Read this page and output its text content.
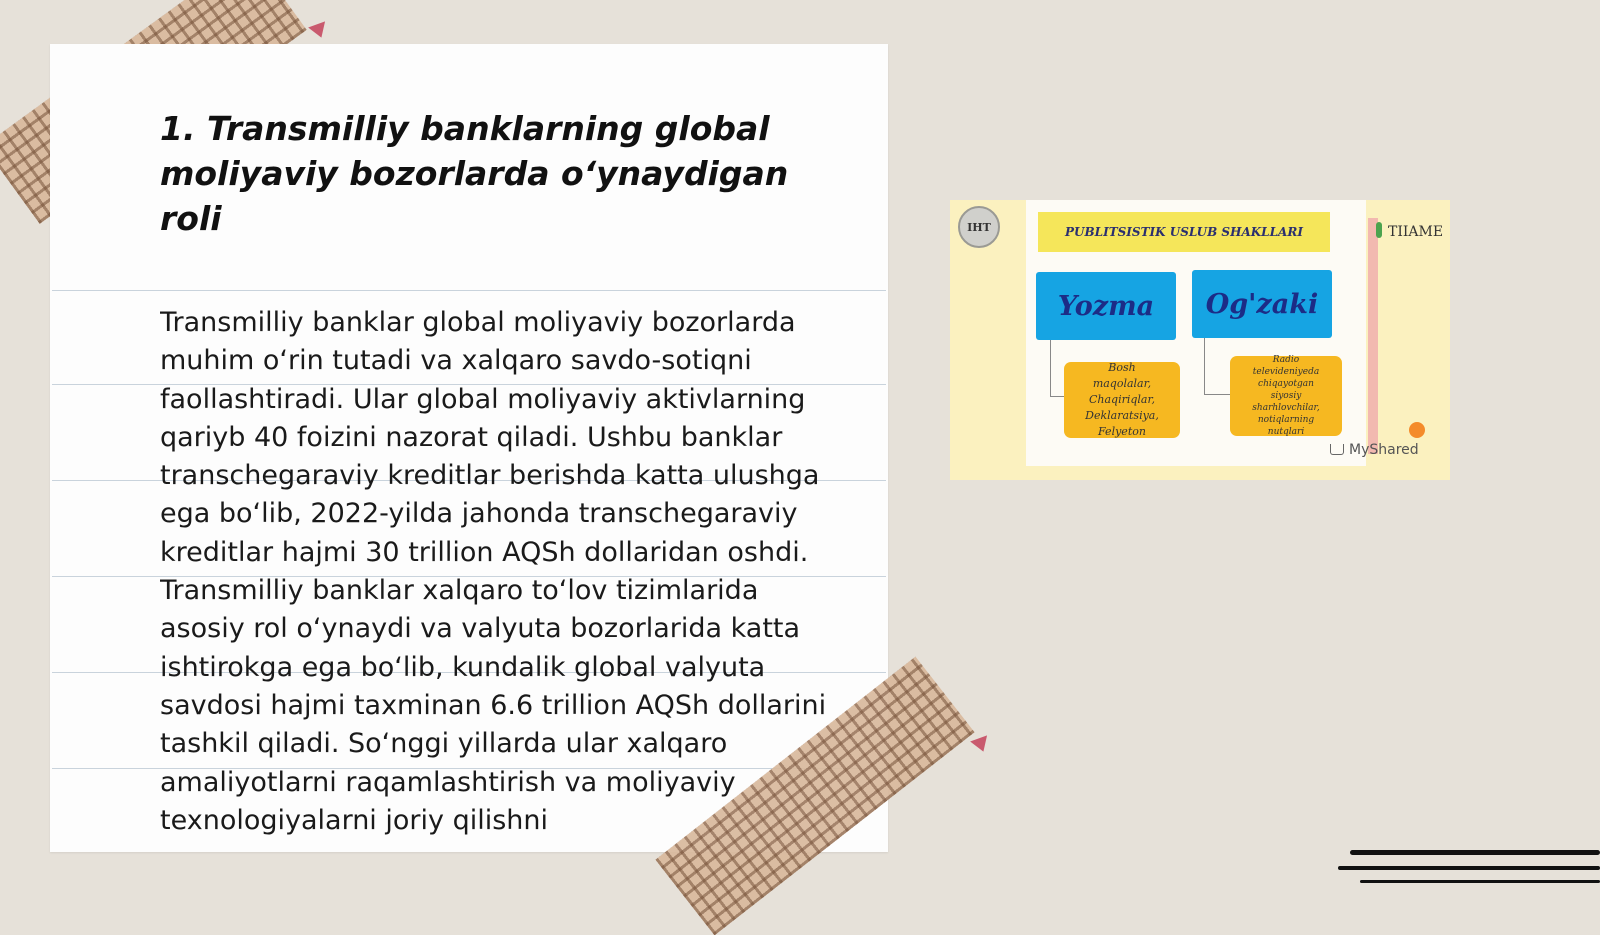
1. Transmilliy banklarning global moliyaviy bozorlarda o‘ynaydigan roli

Transmilliy banklar global moliyaviy bozorlarda muhim o‘rin tutadi va xalqaro savdo-sotiqni faollashtiradi. Ular global moliyaviy aktivlarning qariyb 40 foizini nazorat qiladi. Ushbu banklar transchegaraviy kreditlar berishda katta ulushga ega bo‘lib, 2022-yilda jahonda transchegaraviy kreditlar hajmi 30 trillion AQSh dollaridan oshdi. Transmilliy banklar xalqaro to‘lov tizimlarida asosiy rol o‘ynaydi va valyuta bozorlarida katta ishtirokga ega bo‘lib, kundalik global valyuta savdosi hajmi taxminan 6.6 trillion AQSh dollarini tashkil qiladi. So‘nggi yillarda ular xalqaro amaliyotlarni raqamlashtirish va moliyaviy texnologiyalarni joriy qilishni

IHT	PUBLITSISTIK USLUB SHAKLLARI
Yozma	Og'zaki
Bosh
maqolalar,
Chaqiriqlar,
Deklaratsiya,
Felyeton
Radio
televideniyeda
chiqayotgan
siyosiy
sharhlovchilar,
notiqlarning
nutqlari
TIIAME
MyShared
